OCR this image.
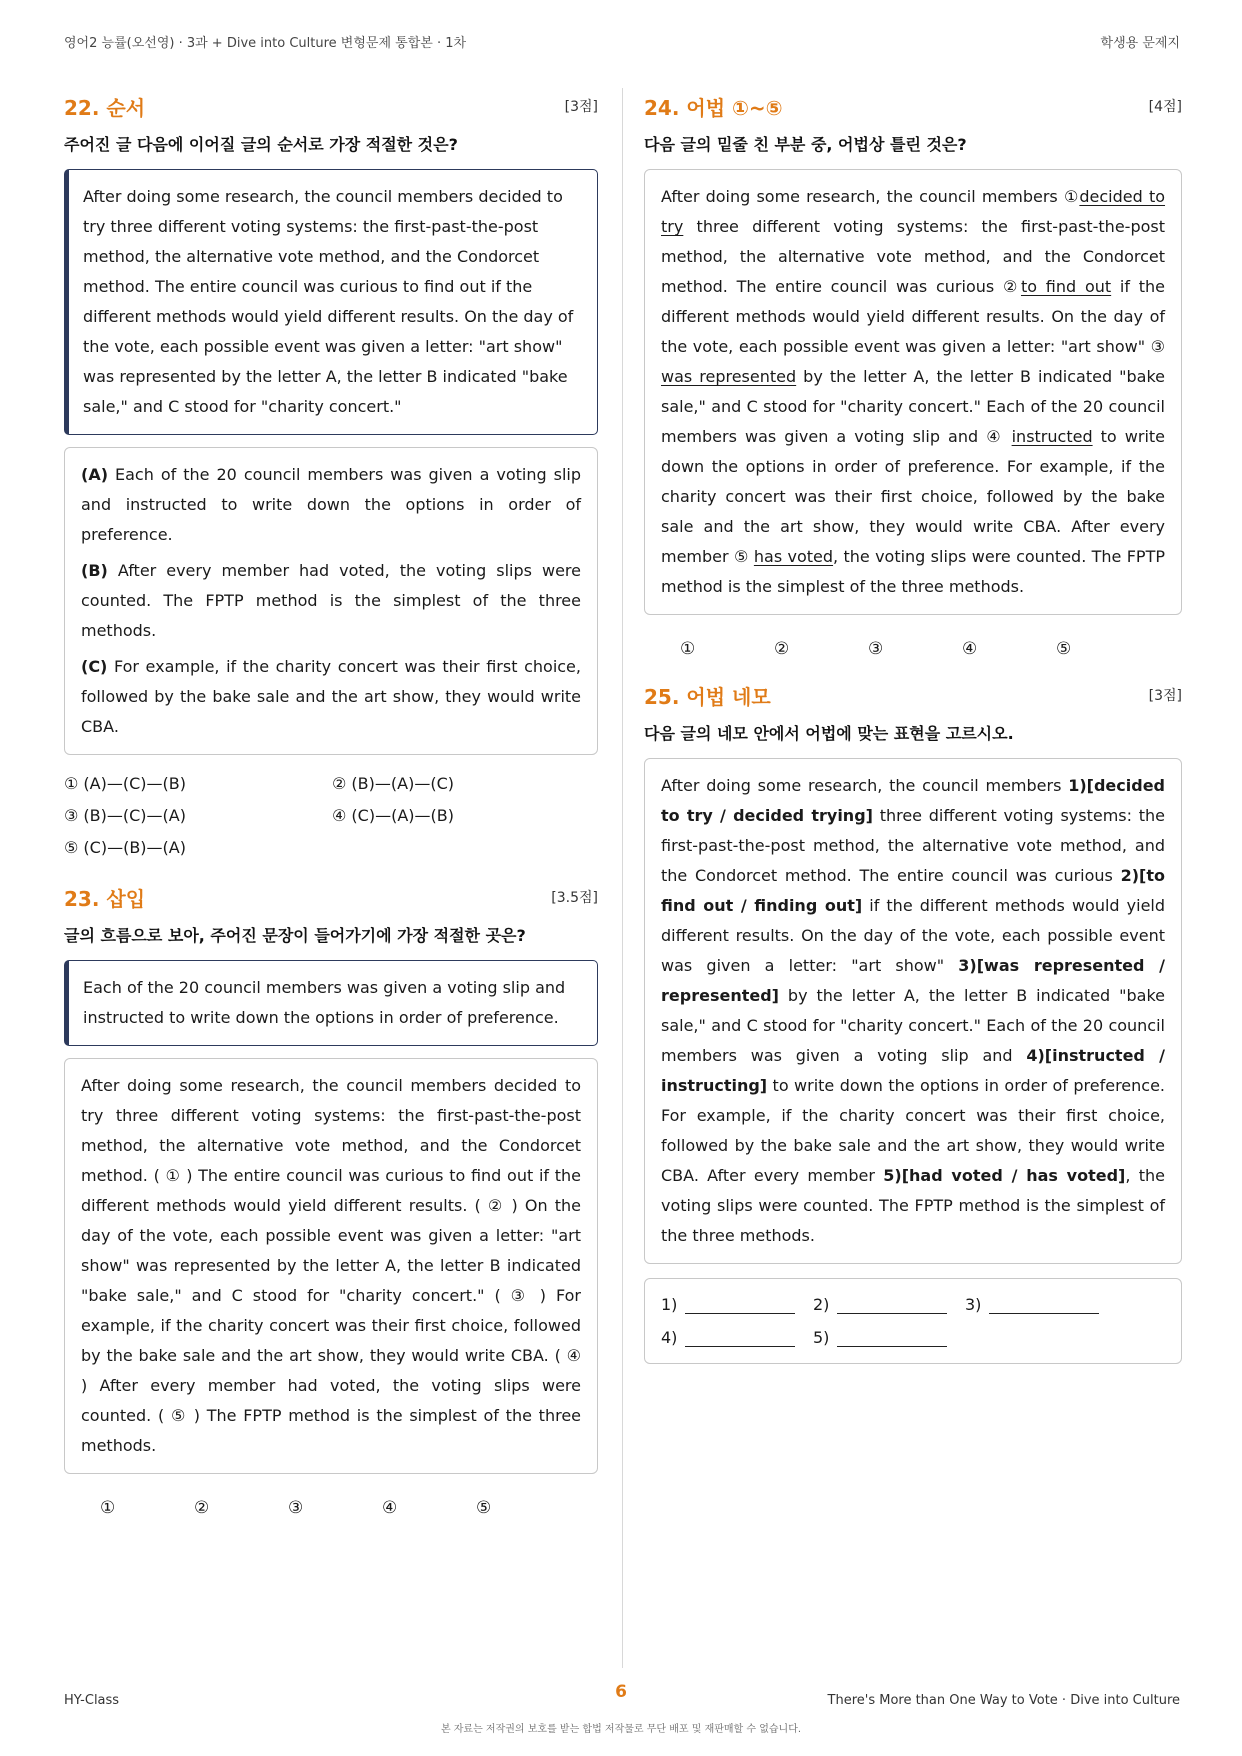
영어2 능률(오선영) · 3과 + Dive into Culture 변형문제 통합본 · 1차	학생용 문제지
22. 순서	[3점]
주어진 글 다음에 이어질 글의 순서로 가장 적절한 것은?
After doing some research, the council members decided to try three different voting systems: the first-past-the-post method, the alternative vote method, and the Condorcet method. The entire council was curious to find out if the different methods would yield different results. On the day of the vote, each possible event was given a letter: "art show" was represented by the letter A, the letter B indicated "bake sale," and C stood for "charity concert."
(A) Each of the 20 council members was given a voting slip and instructed to write down the options in order of preference.
(B) After every member had voted, the voting slips were counted. The FPTP method is the simplest of the three methods.
(C) For example, if the charity concert was their first choice, followed by the bake sale and the art show, they would write CBA.
① (A)—(C)—(B)	② (B)—(A)—(C)
③ (B)—(C)—(A)	④ (C)—(A)—(B)
⑤ (C)—(B)—(A)
23. 삽입	[3.5점]
글의 흐름으로 보아, 주어진 문장이 들어가기에 가장 적절한 곳은?
Each of the 20 council members was given a voting slip and instructed to write down the options in order of preference.
After doing some research, the council members decided to try three different voting systems: the first-past-the-post method, the alternative vote method, and the Condorcet method. ( ① ) The entire council was curious to find out if the different methods would yield different results. ( ② ) On the day of the vote, each possible event was given a letter: "art show" was represented by the letter A, the letter B indicated "bake sale," and C stood for "charity concert." ( ③ ) For example, if the charity concert was their first choice, followed by the bake sale and the art show, they would write CBA. ( ④ ) After every member had voted, the voting slips were counted. ( ⑤ ) The FPTP method is the simplest of the three methods.
①	②	③	④	⑤
24. 어법 ①~⑤	[4점]
다음 글의 밑줄 친 부분 중, 어법상 틀린 것은?
After doing some research, the council members ①decided to try three different voting systems: the first-past-the-post method, the alternative vote method, and the Condorcet method. The entire council was curious ②to find out if the different methods would yield different results. On the day of the vote, each possible event was given a letter: "art show" ③ was represented by the letter A, the letter B indicated "bake sale," and C stood for "charity concert." Each of the 20 council members was given a voting slip and ④ instructed to write down the options in order of preference. For example, if the charity concert was their first choice, followed by the bake sale and the art show, they would write CBA. After every member ⑤ has voted, the voting slips were counted. The FPTP method is the simplest of the three methods.
①	②	③	④	⑤
25. 어법 네모	[3점]
다음 글의 네모 안에서 어법에 맞는 표현을 고르시오.
After doing some research, the council members 1)[decided to try / decided trying] three different voting systems: the first-past-the-post method, the alternative vote method, and the Condorcet method. The entire council was curious 2)[to find out / finding out] if the different methods would yield different results. On the day of the vote, each possible event was given a letter: "art show" 3)[was represented / represented] by the letter A, the letter B indicated "bake sale," and C stood for "charity concert." Each of the 20 council members was given a voting slip and 4)[instructed / instructing] to write down the options in order of preference. For example, if the charity concert was their first choice, followed by the bake sale and the art show, they would write CBA. After every member 5)[had voted / has voted], the voting slips were counted. The FPTP method is the simplest of the three methods.
1)	2)	3)
4)	5)
HY-Class	6	There's More than One Way to Vote · Dive into Culture
본 자료는 저작권의 보호를 받는 합법 저작물로 무단 배포 및 재판매할 수 없습니다.
